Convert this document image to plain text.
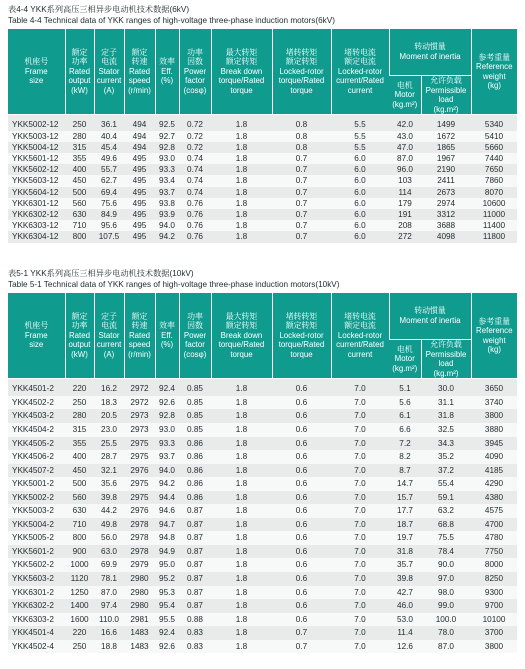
表4-4 YKK系列高压三相异步电动机技术数据(6kV)
Table 4-4 Technical data of YKK ranges of high-voltage three-phase induction motors(6kV)
机座号
Frame
size	额定
功率
Rated
output
(kW)	定子
电流
Stator
current
(A)	额定
转速
Rated
speed
(r/min)	效率
Eff.
(%)	功率
因数
Power
factor
(cosφ)	最大转矩
额定转矩
Break down
torque/Rated
torque	堵转转矩
额定转矩
Locked-rotor
torque/Rated
torque	堵转电流
额定电流
Locked-rotor
current/Rated
current	转动惯量
Moment of inertia		参考重量
Reference
weight
(kg)

									电机
Motor
(kg.m²)	允许负载
Permissible
load
(kg.m²)	

YKK5002-12	250	36.1	494	92.5	0.72	1.8	0.8	5.5	42.0	1499	5340
YKK5003-12	280	40.4	494	92.7	0.72	1.8	0.8	5.5	43.0	1672	5410
YKK5004-12	315	45.4	494	92.8	0.72	1.8	0.8	5.5	47.0	1865	5660
YKK5601-12	355	49.6	495	93.0	0.74	1.8	0.7	6.0	87.0	1967	7440
YKK5602-12	400	55.7	495	93.3	0.74	1.8	0.7	6.0	96.0	2190	7650
YKK5603-12	450	62.7	495	93.4	0.74	1.8	0.7	6.0	103	2411	7860
YKK5604-12	500	69.4	495	93.7	0.74	1.8	0.7	6.0	114	2673	8070
YKK6301-12	560	75.6	495	93.8	0.76	1.8	0.7	6.0	179	2974	10600
YKK6302-12	630	84.9	495	93.9	0.76	1.8	0.7	6.0	191	3312	11000
YKK6303-12	710	95.6	495	94.0	0.76	1.8	0.7	6.0	208	3688	11400
YKK6304-12	800	107.5	495	94.2	0.76	1.8	0.7	6.0	272	4098	11800
表5-1 YKK系列高压三相异步电动机技术数据(10kV)
Table 5-1 Technical data of YKK ranges of high-voltage three-phase induction motors(10kV)
机座号
Frame
size	额定
功率
Rated
output
(kW)	定子
电流
Stator
current
(A)	额定
转速
Rated
speed
(r/min)	效率
Eff.
(%)	功率
因数
Power
factor
(cosφ)	最大转矩
额定转矩
Break down
torque/Rated
torque	堵转转矩
额定转矩
Locked-rotor
torque/Rated
torque	堵转电流
额定电流
Locked-rotor
current/Rated
current	转动惯量
Moment of inertia		参考重量
Reference
weight
(kg)

									电机
Motor
(kg.m²)	允许负载
Permissible
load
(kg.m²)	

YKK4501-2	220	16.2	2972	92.4	0.85	1.8	0.6	7.0	5.1	30.0	3650
YKK4502-2	250	18.3	2972	92.6	0.85	1.8	0.6	7.0	5.6	31.1	3740
YKK4503-2	280	20.5	2973	92.8	0.85	1.8	0.6	7.0	6.1	31.8	3800
YKK4504-2	315	23.0	2973	93.0	0.85	1.8	0.6	7.0	6.6	32.5	3880
YKK4505-2	355	25.5	2975	93.3	0.86	1.8	0.6	7.0	7.2	34.3	3945
YKK4506-2	400	28.7	2975	93.7	0.86	1.8	0.6	7.0	8.2	35.2	4090
YKK4507-2	450	32.1	2976	94.0	0.86	1.8	0.6	7.0	8.7	37.2	4185
YKK5001-2	500	35.6	2975	94.2	0.86	1.8	0.6	7.0	14.7	55.4	4290
YKK5002-2	560	39.8	2975	94.4	0.86	1.8	0.6	7.0	15.7	59.1	4380
YKK5003-2	630	44.2	2976	94.6	0.87	1.8	0.6	7.0	17.7	63.2	4575
YKK5004-2	710	49.8	2978	94.7	0.87	1.8	0.6	7.0	18.7	68.8	4700
YKK5005-2	800	56.0	2978	94.8	0.87	1.8	0.6	7.0	19.7	75.5	4780
YKK5601-2	900	63.0	2978	94.9	0.87	1.8	0.6	7.0	31.8	78.4	7750
YKK5602-2	1000	69.9	2979	95.0	0.87	1.8	0.6	7.0	35.7	90.0	8000
YKK5603-2	1120	78.1	2980	95.2	0.87	1.8	0.6	7.0	39.8	97.0	8250
YKK6301-2	1250	87.0	2980	95.3	0.87	1.8	0.6	7.0	42.7	98.0	9300
YKK6302-2	1400	97.4	2980	95.4	0.87	1.8	0.6	7.0	46.0	99.0	9700
YKK6303-2	1600	110.0	2981	95.5	0.88	1.8	0.6	7.0	53.0	100.0	10100
YKK4501-4	220	16.6	1483	92.4	0.83	1.8	0.7	7.0	11.4	78.0	3700
YKK4502-4	250	18.8	1483	92.6	0.83	1.8	0.7	7.0	12.6	87.0	3800
